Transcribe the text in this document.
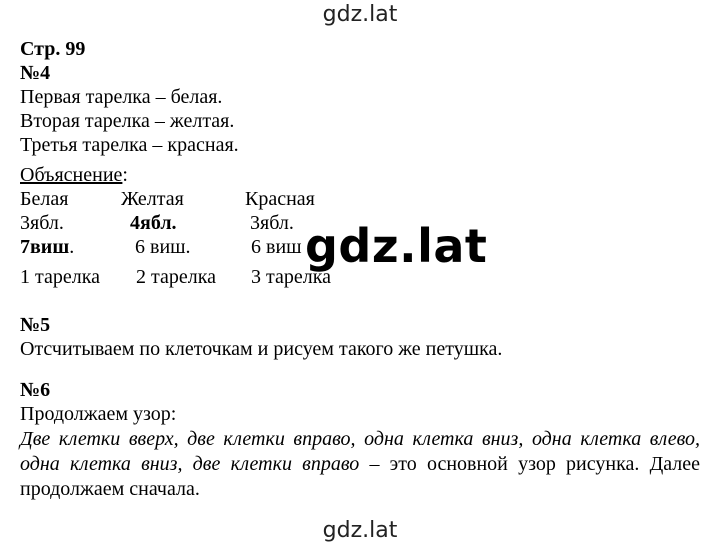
gdz.lat
Стр. 99
№4
Первая тарелка – белая.
Вторая тарелка – желтая.
Третья тарелка – красная.
Объяснение:
Белая	Желтая	Красная
3ябл.	4ябл.	3ябл.
7виш.	6 виш.	6 виш
1 тарелка 2 тарелка 3 тарелка
gdz.lat
№5
Отсчитываем по клеточкам и рисуем такого же петушка.
№6
Продолжаем узор:
Две клетки вверх, две клетки вправо, одна клетка вниз, одна клетка влево, одна клетка вниз, две клетки вправо – это основной узор рисунка. Далее продолжаем сначала.
gdz.lat
